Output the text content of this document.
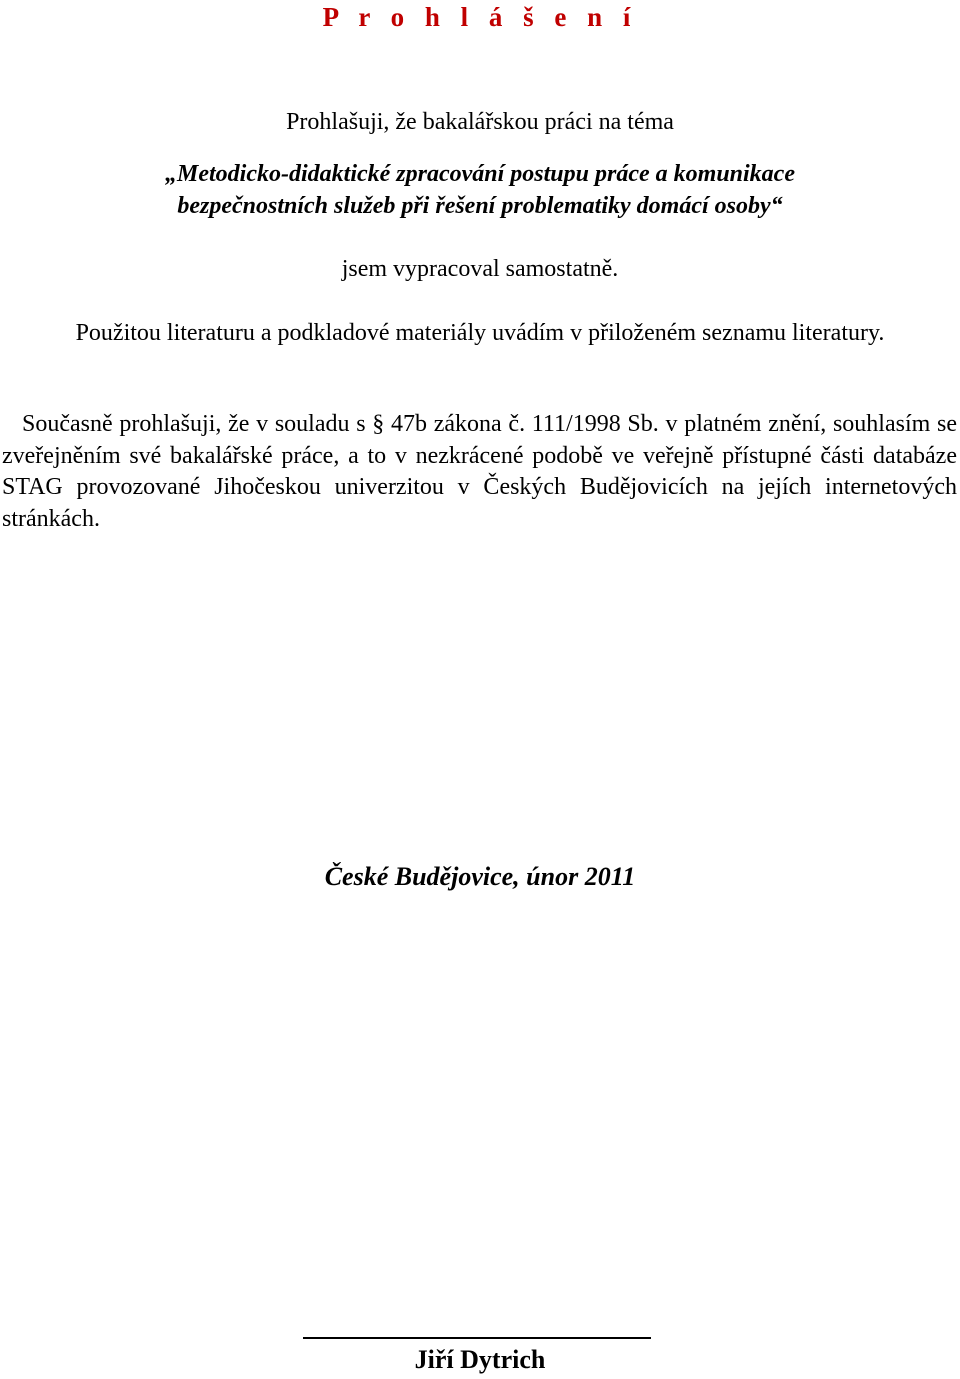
P r o h l á š e n í
Prohlašuji, že bakalářskou práci na téma
„Metodicko-didaktické zpracování postupu práce a komunikace
bezpečnostních služeb při řešení problematiky domácí osoby“
jsem vypracoval samostatně.
Použitou literaturu a podkladové materiály uvádím v přiloženém seznamu literatury.
Současně prohlašuji, že v souladu s § 47b zákona č. 111/1998 Sb. v platném znění, souhlasím se zveřejněním své bakalářské práce, a to v nezkrácené podobě ve veřejně přístupné části databáze STAG provozované Jihočeskou univerzitou v Českých Budějovicích na jejích internetových stránkách.
České Budějovice, únor 2011
Jiří Dytrich
